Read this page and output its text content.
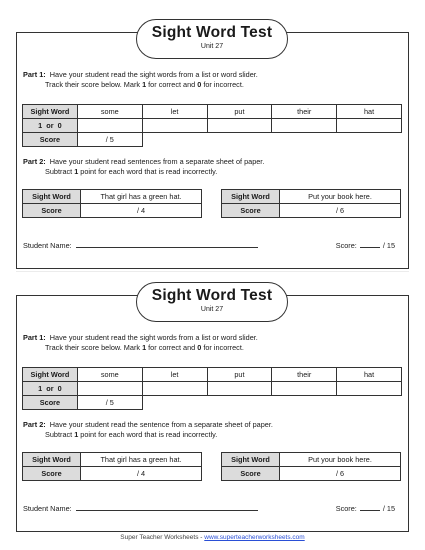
Sight Word Test
Unit 27
Part 1: Have your student read the sight words from a list or word slider.
Track their score below. Mark 1 for correct and 0 for incorrect.
Sight Word	some	let	put	their	hat
1  or  0					
Score	/ 5				
Part 2: Have your student read sentences from a separate sheet of paper.
Subtract 1 point for each word that is read incorrectly.
Sight Word	That girl has a green hat.
Score	/ 4
Sight Word	Put your book here.
Score	/ 6
Student Name:	Score:	/ 15
Sight Word Test
Unit 27
Part 1: Have your student read the sight words from a list or word slider.
Track their score below. Mark 1 for correct and 0 for incorrect.
Sight Word	some	let	put	their	hat
1  or  0					
Score	/ 5				
Part 2: Have your student read the sentence from a separate sheet of paper.
Subtract 1 point for each word that is read incorrectly.
Sight Word	That girl has a green hat.
Score	/ 4
Sight Word	Put your book here.
Score	/ 6
Student Name:	Score:	/ 15
Super Teacher Worksheets - www.superteacherworksheets.com
